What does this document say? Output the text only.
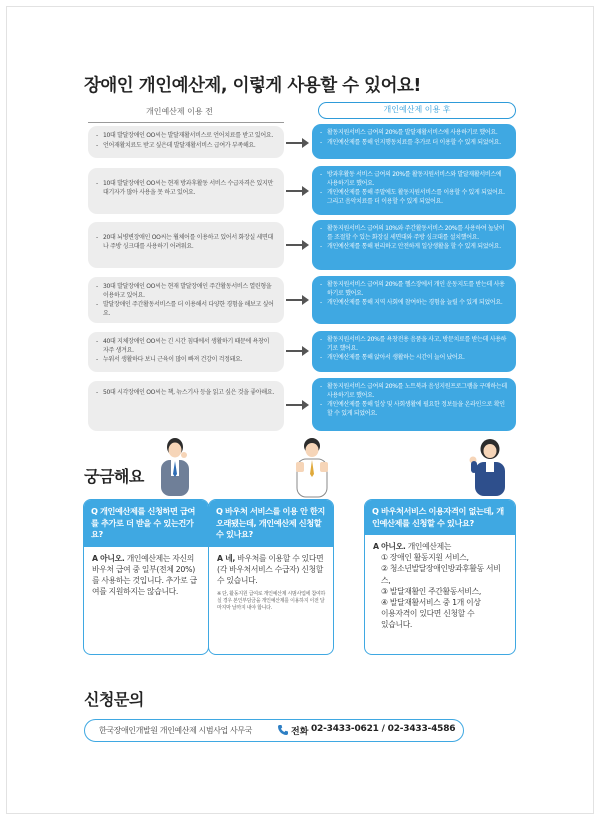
장애인 개인예산제, 이렇게 사용할 수 있어요!
개인예산제 이용 전	개인예산제 이용 후
- 10대 발달장애인 OO씨는 발달재활서비스로 언어치료를 받고 있어요.
- 언어재활치료도 받고 싶은데 발달재활서비스 급여가 부족해요.
- 활동지원서비스 급여의 20%를 발달재활서비스에 사용하기로 했어요.
- 개인예산제를 통해 인지행동치료를 추가로 더 이용할 수 있게 되었어요.
- 10대 발달장애인 OO씨는 현재 방과후활동 서비스 수급자격은 있지만 대기자가 많아 사용을 못 하고 있어요.
- 방과후활동 서비스 급여의 20%를 활동지원서비스와 발달재활서비스에 사용하기로 했어요.
- 개인예산제를 통해 주말에도 활동지원서비스를 이용할 수 있게 되었어요. 그리고 음악치료를 더 이용할 수 있게 되었어요.
- 20대 뇌병변장애인 OO씨는 휠체어를 이용하고 있어서 화장실 세면대나 주방 싱크대를 사용하기 어려워요.
- 활동지원서비스 급여의 10%와 주간활동서비스 20%를 사용하여 높낮이를 조절할 수 있는 화장실 세면대와 주방 싱크대를 설치했어요.
- 개인예산제를 통해 편리하고 안전하게 일상생활을 할 수 있게 되었어요.
- 30대 발달장애인 OO씨는 현재 발달장애인 주간활동서비스 열린형을 이용하고 있어요.
- 발달장애인 주간활동서비스를 더 이용해서 다양한 경험을 해보고 싶어요.
- 활동지원서비스 급여의 20%를 헬스장에서 개인 운동지도를 받는데 사용하기로 했어요.
- 개인예산제를 통해 지역 사회에 참여하는 경험을 늘릴 수 있게 되었어요.
- 40대 지체장애인 OO씨는 긴 시간 침대에서 생활하기 때문에 욕창이 자주 생겨요.
- 누워서 생활하다 보니 근육이 많이 빠져 건강이 걱정돼요.
- 활동지원서비스 20%를 욕창전용 음품을 사고, 방문치료를 받는데 사용하기로 했어요.
- 개인예산제를 통해 앉아서 생활하는 시간이 늘어 났어요.
- 50대 시각장애인 OO씨는 책, 뉴스기사 등을 읽고 싶은 것을 좋아해요.
- 활동지원서비스 급여의 20%를 노트북과 음성지원프로그램을 구매하는데 사용하기로 했어요.
- 개인예산제를 통해 일상 및 사회생활에 필요한 정보들을 온라인으로 확인할 수 있게 되었어요.
궁금해요
Q 개인예산제를 신청하면 급여를 추가로 더 받을 수 있는건가요?
A 아니오. 개인예산제는 자신의 바우처 급여 중 일부(전체 20%)를 사용하는 것입니다. 추가로 급여를 지원하지는 않습니다.
Q 바우처 서비스를 이용 안 한지 오래됐는데, 개인예산제 신청할 수 있나요?
A 네, 바우처를 이용할 수 있다면 (각 바우처서비스 수급자) 신청할 수 있습니다.
※ 단, 활동지원 급여로 개인예산제 시범사업에 참여하실 경우 본인부담금을 개인예산제를 이용하지 이전 달 마지막 날까지 내야 합니다.
Q 바우처서비스 이용자격이 없는데, 개인예산제를 신청할 수 있나요?
A 아니오. 개인예산제는
① 장애인 활동지원 서비스,
② 청소년발달장애인방과후활동 서비스,
③ 발달재활인 주간활동서비스,
④ 발달재활서비스 중 1개 이상
이용자격이 있다면 신청할 수 있습니다.
신청문의
한국장애인개발원 개인예산제 시범사업 사무국	전화 02-3433-0621 / 02-3433-4586
